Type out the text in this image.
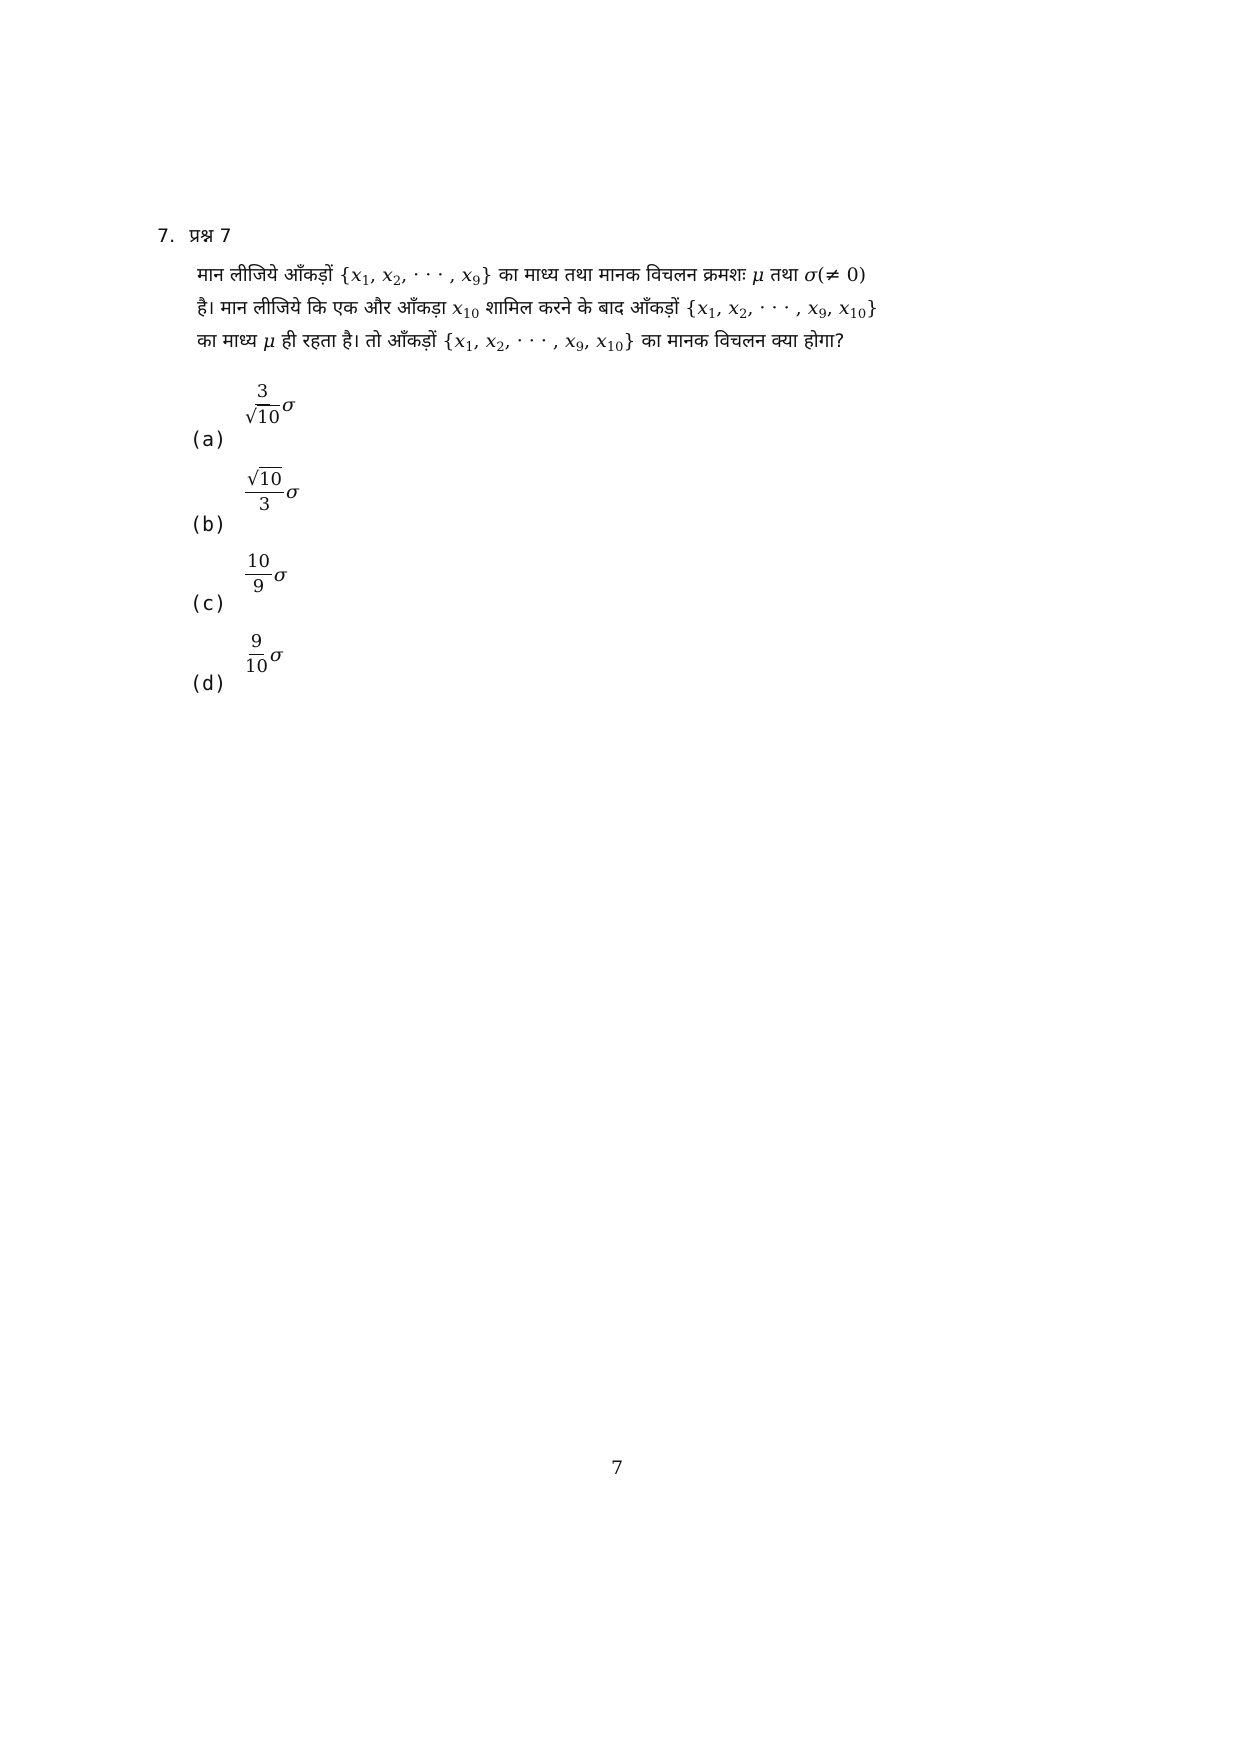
7. प्रश्न 7
मान लीजिये आँकड़ों {$x_1$, $x_2$, · · · , $x_9$} का माध्य तथा मानक विचलन क्रमशः μ तथा σ(≠ 0)
है। मान लीजिये कि एक और आँकड़ा $x_{10}$ शामिल करने के बाद आँकड़ों {$x_1$, $x_2$, · · · , $x_9$, $x_{10}$}
का माध्य μ ही रहता है। तो आँकड़ों {$x_1$, $x_2$, · · · , $x_9$, $x_{10}$} का मानक विचलन क्या होगा?
(a)
$\frac{3}{√10}$ σ
(b)
$\frac{√10}{3}$ σ
(c)
$\frac{10}{9}$ σ
(d)
$\frac{9}{10}$ σ
7
